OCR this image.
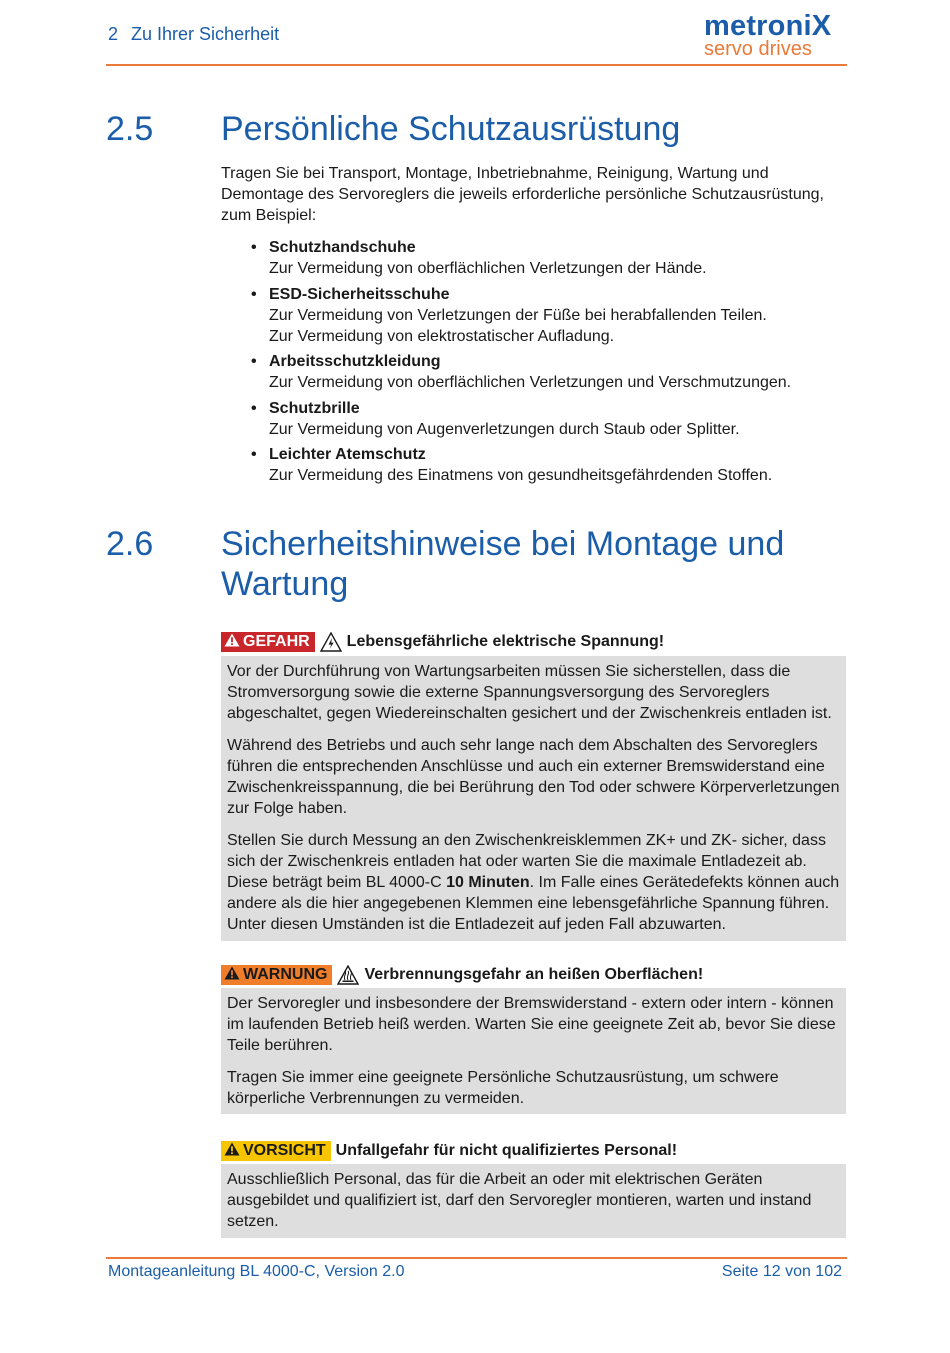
2 Zu Ihrer Sicherheit	metroniX
servo drives
2.5 Persönliche Schutzausrüstung
Tragen Sie bei Transport, Montage, Inbetriebnahme, Reinigung, Wartung und Demontage des Servoreglers die jeweils erforderliche persönliche Schutzausrüstung, zum Beispiel:
• Schutzhandschuhe
Zur Vermeidung von oberflächlichen Verletzungen der Hände.
• ESD-Sicherheitsschuhe
Zur Vermeidung von Verletzungen der Füße bei herabfallenden Teilen.
Zur Vermeidung von elektrostatischer Aufladung.
• Arbeitsschutzkleidung
Zur Vermeidung von oberflächlichen Verletzungen und Verschmutzungen.
• Schutzbrille
Zur Vermeidung von Augenverletzungen durch Staub oder Splitter.
• Leichter Atemschutz
Zur Vermeidung des Einatmens von gesundheitsgefährdenden Stoffen.
2.6 Sicherheitshinweise bei Montage und Wartung
GEFAHR Lebensgefährliche elektrische Spannung!

Vor der Durchführung von Wartungsarbeiten müssen Sie sicherstellen, dass die Stromversorgung sowie die externe Spannungsversorgung des Servoreglers abgeschaltet, gegen Wiedereinschalten gesichert und der Zwischenkreis entladen ist.

Während des Betriebs und auch sehr lange nach dem Abschalten des Servoreglers führen die entsprechenden Anschlüsse und auch ein externer Bremswiderstand eine Zwischenkreisspannung, die bei Berührung den Tod oder schwere Körperverletzungen zur Folge haben.

Stellen Sie durch Messung an den Zwischenkreisklemmen ZK+ und ZK- sicher, dass sich der Zwischenkreis entladen hat oder warten Sie die maximale Entladezeit ab. Diese beträgt beim BL 4000-C 10 Minuten. Im Falle eines Gerätedefekts können auch andere als die hier angegebenen Klemmen eine lebensgefährliche Spannung führen. Unter diesen Umständen ist die Entladezeit auf jeden Fall abzuwarten.

WARNUNG Verbrennungsgefahr an heißen Oberflächen!

Der Servoregler und insbesondere der Bremswiderstand - extern oder intern - können im laufenden Betrieb heiß werden. Warten Sie eine geeignete Zeit ab, bevor Sie diese Teile berühren.

Tragen Sie immer eine geeignete Persönliche Schutzausrüstung, um schwere körperliche Verbrennungen zu vermeiden.

VORSICHT Unfallgefahr für nicht qualifiziertes Personal!

Ausschließlich Personal, das für die Arbeit an oder mit elektrischen Geräten ausgebildet und qualifiziert ist, darf den Servoregler montieren, warten und instand setzen.

Montageanleitung BL 4000-C, Version 2.0	Seite 12 von 102
